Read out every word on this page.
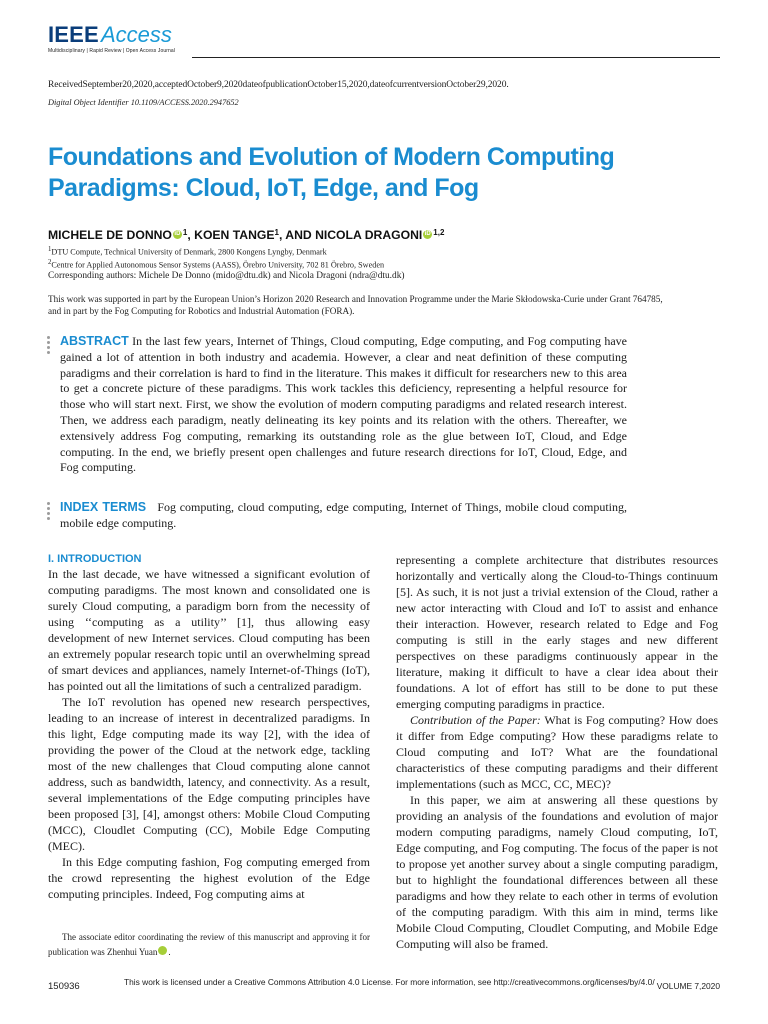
IEEEAccess
Multidisciplinary | Rapid Review | Open Access Journal
ReceivedSeptember20,2020,acceptedOctober9,2020dateofpublicationOctober15,2020,dateofcurrentversionOctober29,2020.
Digital Object Identifier 10.1109/ACCESS.2020.2947652
Foundations and Evolution of Modern Computing Paradigms: Cloud, IoT, Edge, and Fog
MICHELE DE DONNO iD $^1$, KOEN TANGE$^1$, AND NICOLA DRAGONI iD $^{1,2}$
$^1$DTU Compute, Technical University of Denmark, 2800 Kongens Lyngby, Denmark
$^2$Centre for Applied Autonomous Sensor Systems (AASS), Örebro University, 702 81 Örebro, Sweden
Corresponding authors: Michele De Donno (mido@dtu.dk) and Nicola Dragoni (ndra@dtu.dk)
This work was supported in part by the European Union’s Horizon 2020 Research and Innovation Programme under the Marie Skłodowska-Curie under Grant 764785, and in part by the Fog Computing for Robotics and Industrial Automation (FORA).
ABSTRACT In the last few years, Internet of Things, Cloud computing, Edge computing, and Fog computing have gained a lot of attention in both industry and academia. However, a clear and neat definition of these computing paradigms and their correlation is hard to find in the literature. This makes it difficult for researchers new to this area to get a concrete picture of these paradigms. This work tackles this deficiency, representing a helpful resource for those who will start next. First, we show the evolution of modern computing paradigms and related research interest. Then, we address each paradigm, neatly delineating its key points and its relation with the others. Thereafter, we extensively address Fog computing, remarking its outstanding role as the glue between IoT, Cloud, and Edge computing. In the end, we briefly present open challenges and future research directions for IoT, Cloud, Edge, and Fog computing.
INDEX TERMS Fog computing, cloud computing, edge computing, Internet of Things, mobile cloud computing, mobile edge computing.
I. INTRODUCTION

In the last decade, we have witnessed a significant evolution of computing paradigms. The most known and consolidated one is surely Cloud computing, a paradigm born from the necessity of using ‘‘computing as a utility’’ [1], thus allowing easy development of new Internet services. Cloud computing has been an extremely popular research topic until an overwhelming spread of smart devices and appliances, namely Internet-of-Things (IoT), has pointed out all the limitations of such a centralized paradigm.

The IoT revolution has opened new research perspectives, leading to an increase of interest in decentralized paradigms. In this light, Edge computing made its way [2], with the idea of providing the power of the Cloud at the network edge, tackling most of the new challenges that Cloud computing alone cannot address, such as bandwidth, latency, and connectivity. As a result, several implementations of the Edge computing principles have been proposed [3], [4], amongst others: Mobile Cloud Computing (MCC), Cloudlet Computing (CC), Mobile Edge Computing (MEC).

In this Edge computing fashion, Fog computing emerged from the crowd representing the highest evolution of the Edge computing principles. Indeed, Fog computing aims at

The associate editor coordinating the review of this manuscript and approving it for publication was Zhenhui Yuan	iD.

representing a complete architecture that distributes resources horizontally and vertically along the Cloud-to-Things continuum [5]. As such, it is not just a trivial extension of the Cloud, rather a new actor interacting with Cloud and IoT to assist and enhance their interaction. However, research related to Edge and Fog computing is still in the early stages and new different perspectives on these paradigms continuously appear in the literature, making it difficult to have a clear idea about their foundations. A lot of effort has still to be done to put these emerging computing paradigms in practice.

Contribution of the Paper: What is Fog computing? How does it differ from Edge computing? How these paradigms relate to Cloud computing and IoT? What are the foundational characteristics of these computing paradigms and their different implementations (such as MCC, CC, MEC)?

In this paper, we aim at answering all these questions by providing an analysis of the foundations and evolution of major modern computing paradigms, namely Cloud computing, IoT, Edge computing, and Fog computing. The focus of the paper is not to propose yet another survey about a single computing paradigm, but to highlight the foundational differences between all these paradigms and how they relate to each other in terms of evolution of the computing paradigm. With this aim in mind, terms like Mobile Cloud Computing, Cloudlet Computing, and Mobile Edge Computing will also be framed.

150936	This work is licensed under a Creative Commons Attribution 4.0 License. For more information, see http://creativecommons.org/licenses/by/4.0/ VOLUME 7,2020
